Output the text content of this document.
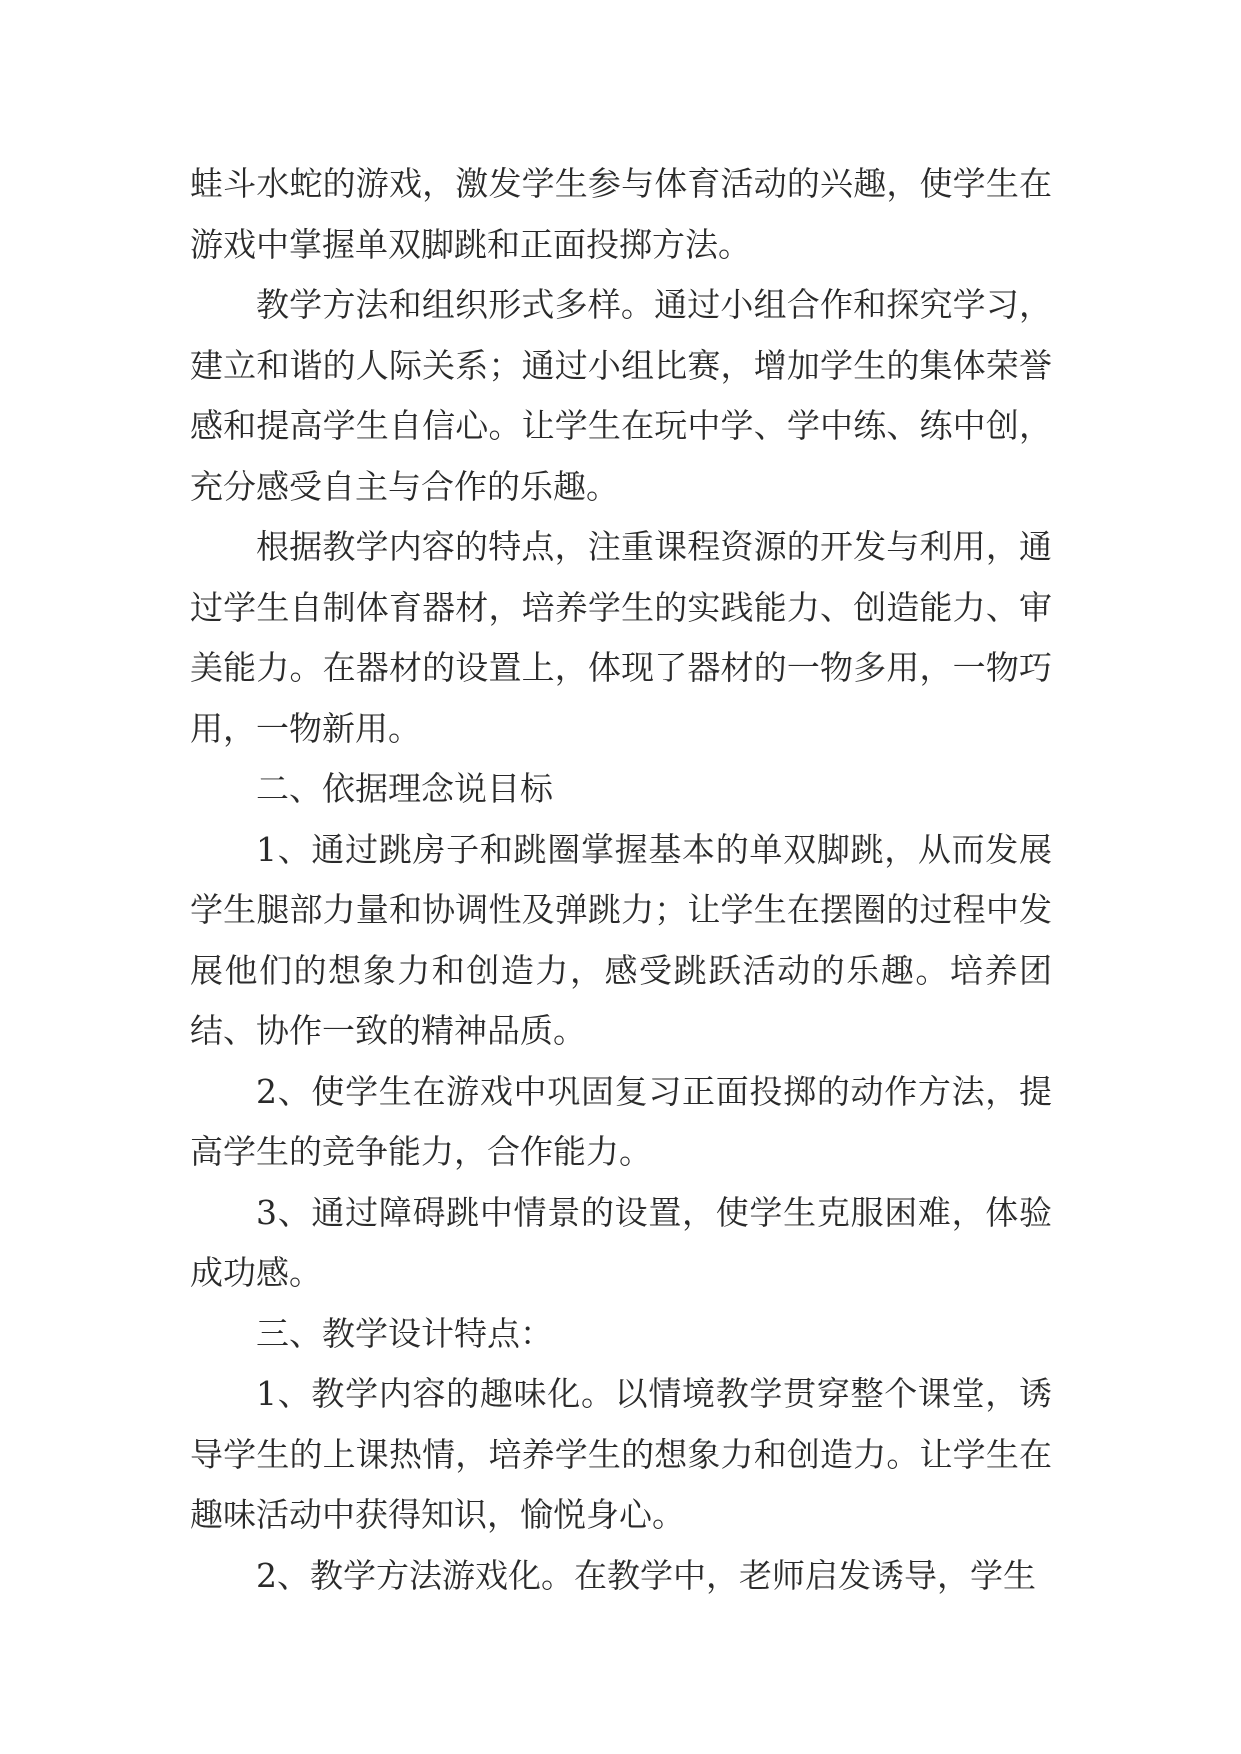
蛙斗水蛇的游戏，激发学生参与体育活动的兴趣，使学生在游戏中掌握单双脚跳和正面投掷方法。

教学方法和组织形式多样。通过小组合作和探究学习，建立和谐的人际关系；通过小组比赛，增加学生的集体荣誉感和提高学生自信心。让学生在玩中学、学中练、练中创，充分感受自主与合作的乐趣。

根据教学内容的特点，注重课程资源的开发与利用，通过学生自制体育器材，培养学生的实践能力、创造能力、审美能力。在器材的设置上，体现了器材的一物多用，一物巧用，一物新用。

二、依据理念说目标

1、通过跳房子和跳圈掌握基本的单双脚跳，从而发展学生腿部力量和协调性及弹跳力；让学生在摆圈的过程中发展他们的想象力和创造力，感受跳跃活动的乐趣。培养团结、协作一致的精神品质。

2、使学生在游戏中巩固复习正面投掷的动作方法，提高学生的竞争能力，合作能力。

3、通过障碍跳中情景的设置，使学生克服困难，体验成功感。

三、教学设计特点：

1、教学内容的趣味化。以情境教学贯穿整个课堂，诱导学生的上课热情，培养学生的想象力和创造力。让学生在趣味活动中获得知识，愉悦身心。

2、教学方法游戏化。在教学中，老师启发诱导，学生
